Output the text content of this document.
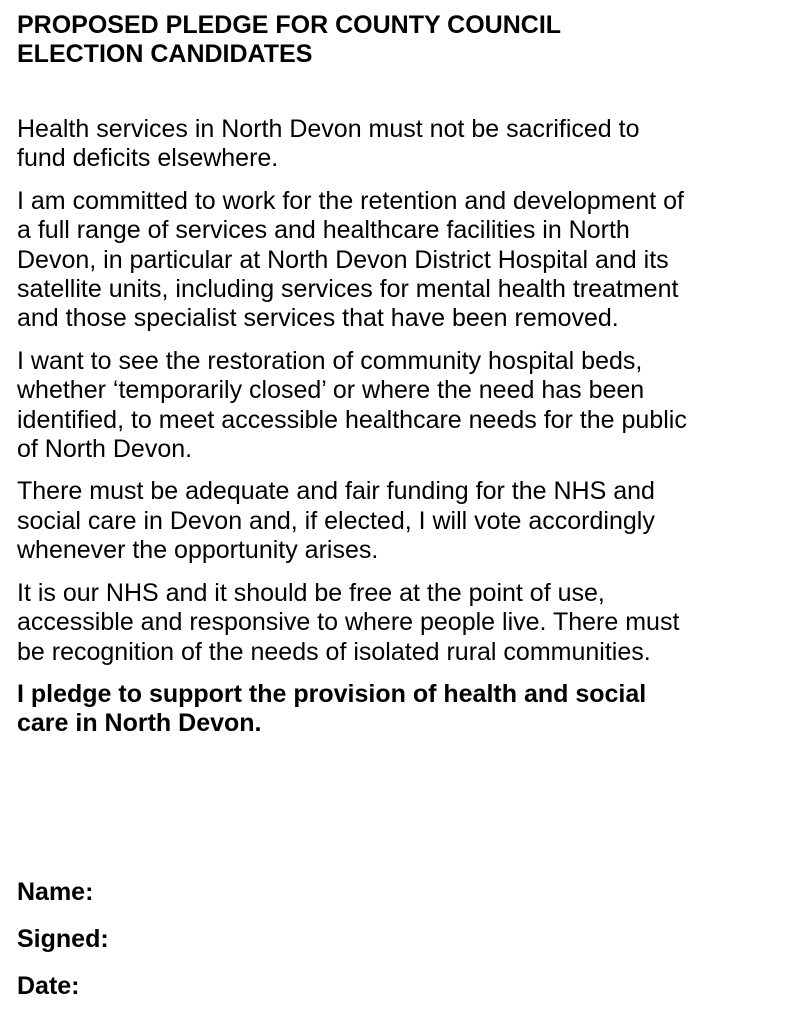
PROPOSED PLEDGE FOR COUNTY COUNCIL
ELECTION CANDIDATES

Health services in North Devon must not be sacrificed to
fund deficits elsewhere.

I am committed to work for the retention and development of
a full range of services and healthcare facilities in North
Devon, in particular at North Devon District Hospital and its
satellite units, including services for mental health treatment
and those specialist services that have been removed.

I want to see the restoration of community hospital beds,
whether ‘temporarily closed’ or where the need has been
identified, to meet accessible healthcare needs for the public
of North Devon.

There must be adequate and fair funding for the NHS and
social care in Devon and, if elected, I will vote accordingly
whenever the opportunity arises.

It is our NHS and it should be free at the point of use,
accessible and responsive to where people live. There must
be recognition of the needs of isolated rural communities.

I pledge to support the provision of health and social
care in North Devon.

Name:
Signed:
Date:
